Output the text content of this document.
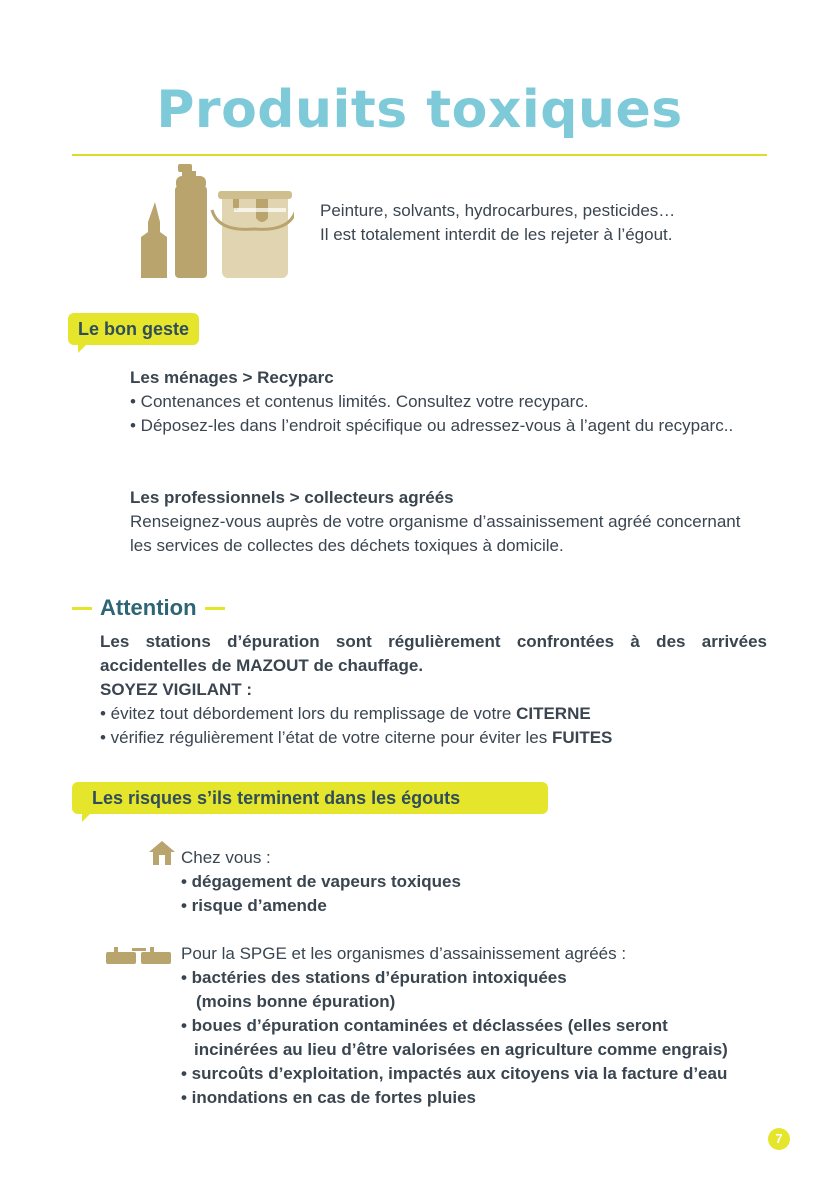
Produits toxiques
Peinture, solvants, hydrocarbures, pesticides…
Il est totalement interdit de les rejeter à l’égout.
Le bon geste
Les ménages > Recyparc
• Contenances et contenus limités. Consultez votre recyparc.
• Déposez-les dans l’endroit spécifique ou adressez-vous à l’agent du recyparc..
Les professionnels > collecteurs agréés
Renseignez-vous auprès de votre organisme d’assainissement agréé concernant les services de collectes des déchets toxiques à domicile.
Attention
Les stations d’épuration sont régulièrement confrontées à des arrivées accidentelles de MAZOUT de chauffage.
SOYEZ VIGILANT :
• évitez tout débordement lors du remplissage de votre CITERNE
• vérifiez régulièrement l’état de votre citerne pour éviter les FUITES
Les risques s’ils terminent dans les égouts
Chez vous :
• dégagement de vapeurs toxiques
• risque d’amende
Pour la SPGE et les organismes d’assainissement agréés :
• bactéries des stations d’épuration intoxiquées
(moins bonne épuration)
• boues d’épuration contaminées et déclassées (elles seront
incinérées au lieu d’être valorisées en agriculture comme engrais)
• surcoûts d’exploitation, impactés aux citoyens via la facture d’eau
• inondations en cas de fortes pluies
7
